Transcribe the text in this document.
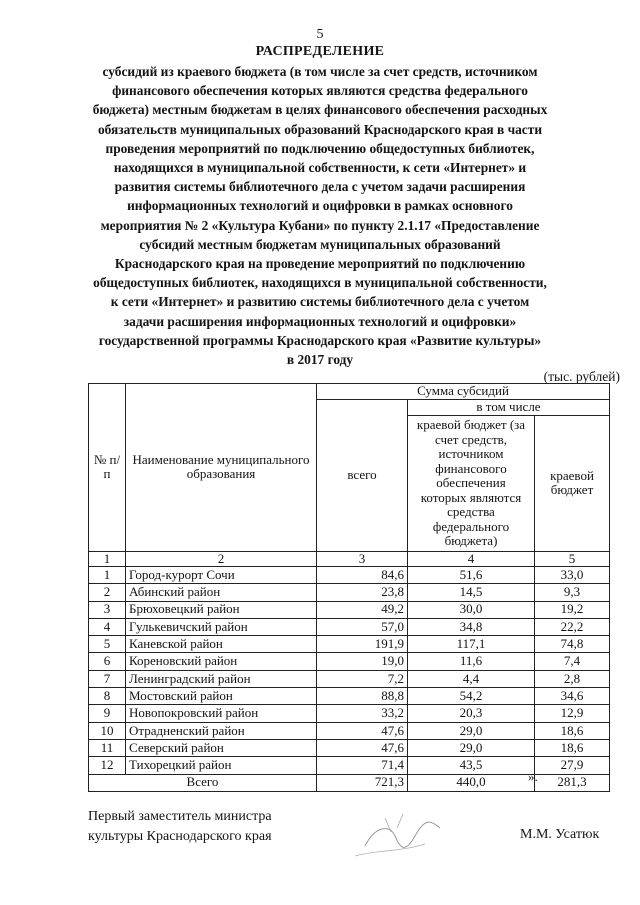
5
РАСПРЕДЕЛЕНИЕ
субсидий из краевого бюджета (в том числе за счет средств, источником
финансового обеспечения которых являются средства федерального
бюджета) местным бюджетам в целях финансового обеспечения расходных
обязательств муниципальных образований Краснодарского края в части
проведения мероприятий по подключению общедоступных библиотек,
находящихся в муниципальной собственности, к сети «Интернет» и
развития системы библиотечного дела с учетом задачи расширения
информационных технологий и оцифровки в рамках основного
мероприятия № 2 «Культура Кубани» по пункту 2.1.17 «Предоставление
субсидий местным бюджетам муниципальных образований
Краснодарского края на проведение мероприятий по подключению
общедоступных библиотек, находящихся в муниципальной собственности,
к сети «Интернет» и развитию системы библиотечного дела с учетом
задачи расширения информационных технологий и оцифровки»
государственной программы Краснодарского края «Развитие культуры»
в 2017 году
(тыс. рублей)
№ п/п	Наименование муниципального образования	Сумма субсидий		
		всего	в том числе	
			краевой бюджет (за счет средств, источником финансового обеспечения которых являются средства федерального бюджета)	краевой бюджет
1	2	3	4	5
1	Город-курорт Сочи	84,6	51,6	33,0
2	Абинский район	23,8	14,5	9,3
3	Брюховецкий район	49,2	30,0	19,2
4	Гулькевичский район	57,0	34,8	22,2
5	Каневской район	191,9	117,1	74,8
6	Кореновский район	19,0	11,6	7,4
7	Ленинградский район	7,2	4,4	2,8
8	Мостовский район	88,8	54,2	34,6
9	Новопокровский район	33,2	20,3	12,9
10	Отрадненский район	47,6	29,0	18,6
11	Северский район	47,6	29,0	18,6
12	Тихорецкий район	71,4	43,5	27,9
Всего		721,3	440,0	281,3
».
Первый заместитель министра
культуры Краснодарского края	М.М. Усатюк
